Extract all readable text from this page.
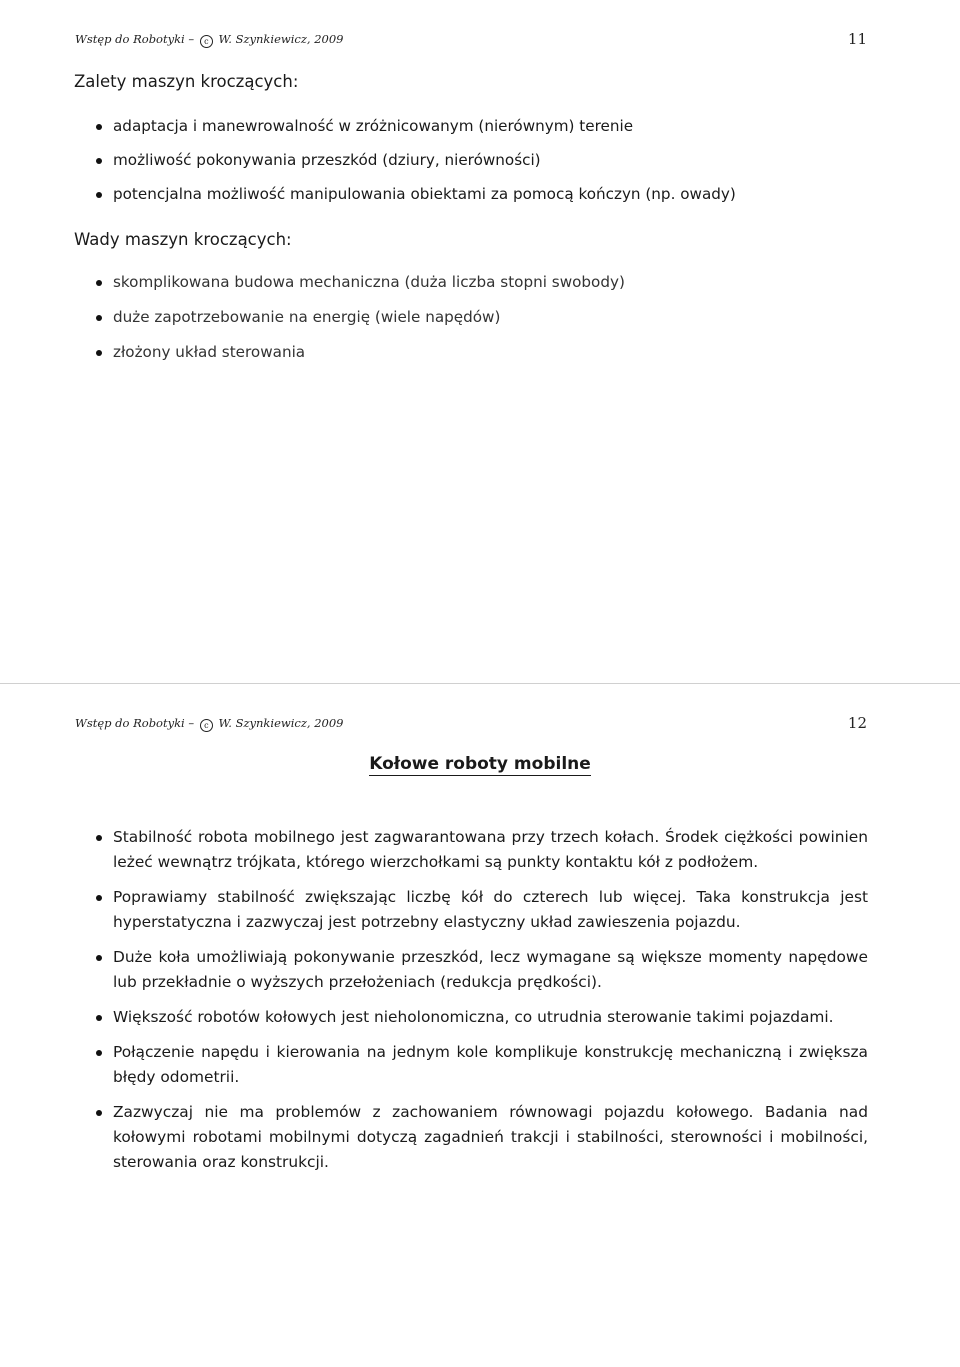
Wstęp do Robotyki – c W. Szynkiewicz, 2009	11
Zalety maszyn kroczących:
adaptacja i manewrowalność w zróżnicowanym (nierównym) terenie
możliwość pokonywania przeszkód (dziury, nierówności)
potencjalna możliwość manipulowania obiektami za pomocą kończyn (np. owady)
Wady maszyn kroczących:
skomplikowana budowa mechaniczna (duża liczba stopni swobody)
duże zapotrzebowanie na energię (wiele napędów)
złożony układ sterowania
Wstęp do Robotyki – c W. Szynkiewicz, 2009	12
Kołowe roboty mobilne
Stabilność robota mobilnego jest zagwarantowana przy trzech kołach. Środek ciężkości powinien leżeć wewnątrz trójkata, którego wierzchołkami są punkty kontaktu kół z podłożem.
Poprawiamy stabilność zwiększając liczbę kół do czterech lub więcej. Taka konstrukcja jest hyperstatyczna i zazwyczaj jest potrzebny elastyczny układ zawieszenia pojazdu.
Duże koła umożliwiają pokonywanie przeszkód, lecz wymagane są większe momenty napędowe lub przekładnie o wyższych przełożeniach (redukcja prędkości).
Większość robotów kołowych jest nieholonomiczna, co utrudnia sterowanie takimi pojazdami.
Połączenie napędu i kierowania na jednym kole komplikuje konstrukcję mechaniczną i zwiększa błędy odometrii.
Zazwyczaj nie ma problemów z zachowaniem równowagi pojazdu kołowego. Badania nad kołowymi robotami mobilnymi dotyczą zagadnień trakcji i stabilności, sterowności i mobilności, sterowania oraz konstrukcji.
